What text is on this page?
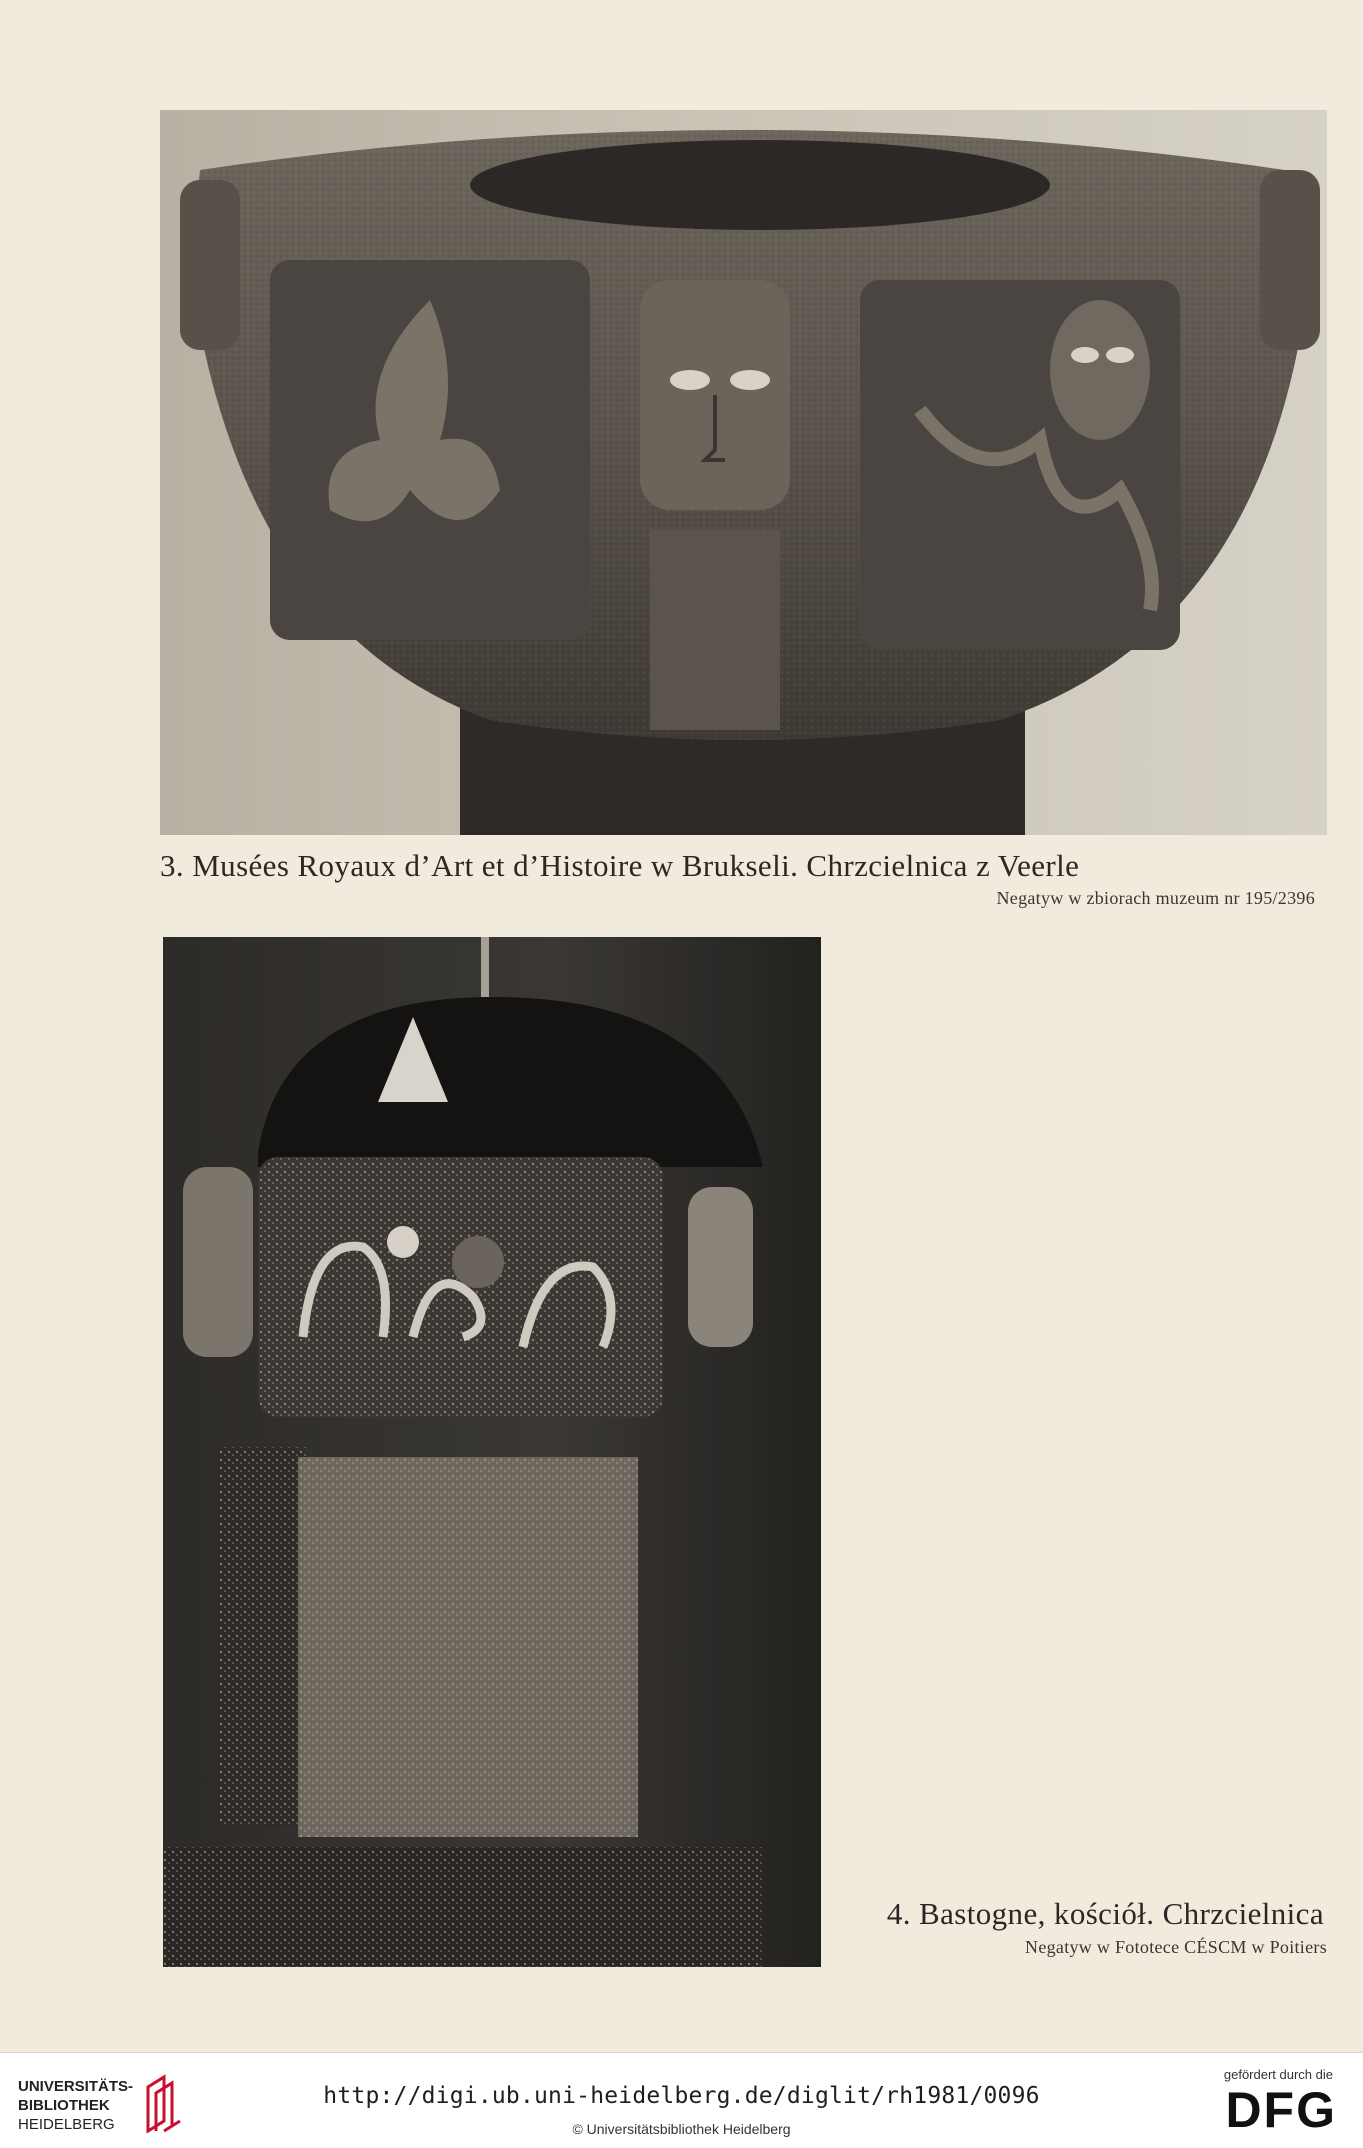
3. Musées Royaux d’Art et d’Histoire w Brukseli. Chrzcielnica z Veerle
Negatyw w zbiorach muzeum nr 195/2396
4. Bastogne, kościół. Chrzcielnica
Negatyw w Fototece CÉSCM w Poitiers
UNIVERSITÄTS-
BIBLIOTHEK
HEIDELBERG
http://digi.ub.uni-heidelberg.de/diglit/rh1981/0096
© Universitätsbibliothek Heidelberg
gefördert durch die
DFG
